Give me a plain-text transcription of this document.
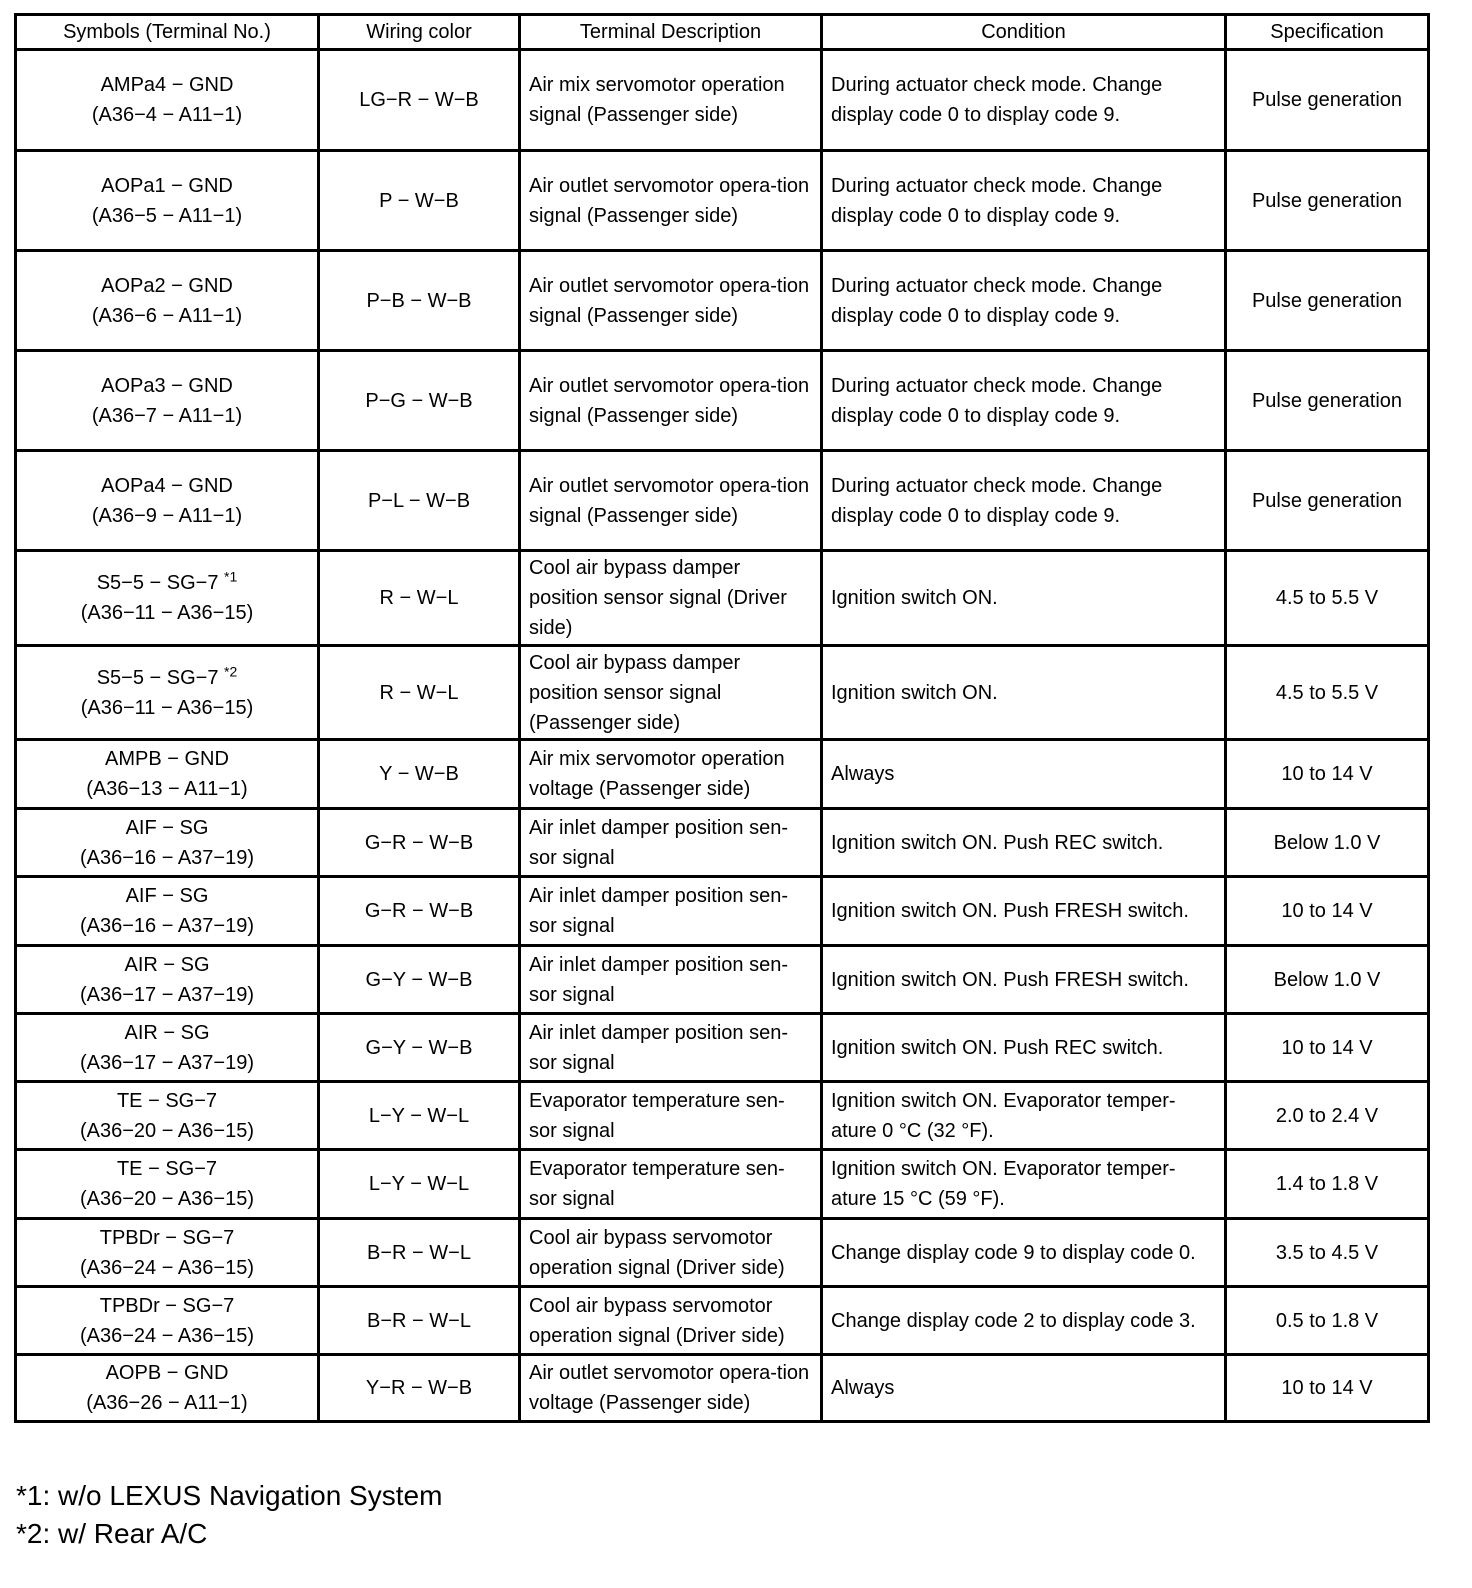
Symbols (Terminal No.)	Wiring color	Terminal Description	Condition	Specification

AMPa4 − GND
(A36−4 − A11−1)	LG−R − W−B	Air mix servomotor operation signal (Passenger side)	During actuator check mode. Change display code 0 to display code 9.	Pulse generation

AOPa1 − GND
(A36−5 − A11−1)	P − W−B	Air outlet servomotor opera-tion signal (Passenger side)	During actuator check mode. Change display code 0 to display code 9.	Pulse generation

AOPa2 − GND
(A36−6 − A11−1)	P−B − W−B	Air outlet servomotor opera-tion signal (Passenger side)	During actuator check mode. Change display code 0 to display code 9.	Pulse generation

AOPa3 − GND
(A36−7 − A11−1)	P−G − W−B	Air outlet servomotor opera-tion signal (Passenger side)	During actuator check mode. Change display code 0 to display code 9.	Pulse generation

AOPa4 − GND
(A36−9 − A11−1)	P−L − W−B	Air outlet servomotor opera-tion signal (Passenger side)	During actuator check mode. Change display code 0 to display code 9.	Pulse generation

S5−5 − SG−7 $^{*1}$
(A36−11 − A36−15)	R − W−L	Cool air bypass damper position sensor signal (Driver side)	Ignition switch ON.	4.5 to 5.5 V

S5−5 − SG−7 $^{*2}$
(A36−11 − A36−15)	R − W−L	Cool air bypass damper position sensor signal (Passenger side)	Ignition switch ON.	4.5 to 5.5 V

AMPB − GND
(A36−13 − A11−1)	Y − W−B	Air mix servomotor operation voltage (Passenger side)	Always	10 to 14 V

AIF − SG
(A36−16 − A37−19)	G−R − W−B	Air inlet damper position sen-sor signal	Ignition switch ON. Push REC switch.	Below 1.0 V

AIF − SG
(A36−16 − A37−19)	G−R − W−B	Air inlet damper position sen-sor signal	Ignition switch ON. Push FRESH switch.	10 to 14 V

AIR − SG
(A36−17 − A37−19)	G−Y − W−B	Air inlet damper position sen-sor signal	Ignition switch ON. Push FRESH switch.	Below 1.0 V

AIR − SG
(A36−17 − A37−19)	G−Y − W−B	Air inlet damper position sen-sor signal	Ignition switch ON. Push REC switch.	10 to 14 V

TE − SG−7
(A36−20 − A36−15)	L−Y − W−L	Evaporator temperature sen-sor signal	Ignition switch ON. Evaporator temper-ature 0 °C (32 °F).	2.0 to 2.4 V

TE − SG−7
(A36−20 − A36−15)	L−Y − W−L	Evaporator temperature sen-sor signal	Ignition switch ON. Evaporator temper-ature 15 °C (59 °F).	1.4 to 1.8 V

TPBDr − SG−7
(A36−24 − A36−15)	B−R − W−L	Cool air bypass servomotor operation signal (Driver side)	Change display code 9 to display code 0.	3.5 to 4.5 V

TPBDr − SG−7
(A36−24 − A36−15)	B−R − W−L	Cool air bypass servomotor operation signal (Driver side)	Change display code 2 to display code 3.	0.5 to 1.8 V

AOPB − GND
(A36−26 − A11−1)	Y−R − W−B	Air outlet servomotor opera-tion voltage (Passenger side)	Always	10 to 14 V
*1: w/o LEXUS Navigation System
*2: w/ Rear A/C
